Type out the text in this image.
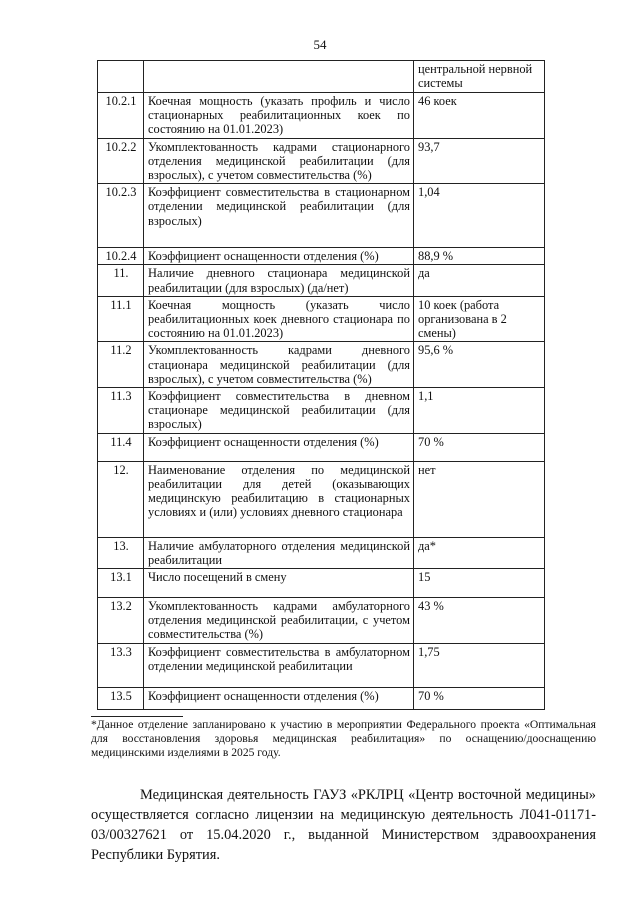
54
		центральной нервной системы
10.2.1	Коечная мощность (указать профиль и число стационарных реабилитационных коек по состоянию на 01.01.2023)	46 коек
10.2.2	Укомплектованность кадрами стационарного отделения медицинской реабилитации (для взрослых), с учетом совместительства (%)	93,7
10.2.3	Коэффициент совместительства в стационарном отделении медицинской реабилитации (для взрослых)	1,04
10.2.4	Коэффициент оснащенности отделения (%)	88,9 %
11.	Наличие дневного стационара медицинской реабилитации (для взрослых) (да/нет)	да
11.1	Коечная мощность (указать число реабилитационных коек дневного стационара по состоянию на 01.01.2023)	10 коек (работа организована в 2 смены)
11.2	Укомплектованность кадрами дневного стационара медицинской реабилитации (для взрослых), с учетом совместительства (%)	95,6 %
11.3	Коэффициент совместительства в дневном стационаре медицинской реабилитации (для взрослых)	1,1
11.4	Коэффициент оснащенности отделения (%)	70 %
12.	Наименование отделения по медицинской реабилитации для детей (оказывающих медицинскую реабилитацию в стационарных условиях и (или) условиях дневного стационара	нет
13.	Наличие амбулаторного отделения медицинской реабилитации	да*
13.1	Число посещений в смену	15
13.2	Укомплектованность кадрами амбулаторного отделения медицинской реабилитации, с учетом совместительства (%)	43 %
13.3	Коэффициент совместительства в амбулаторном отделении медицинской реабилитации	1,75
13.5	Коэффициент оснащенности отделения (%)	70 %
*Данное отделение запланировано к участию в мероприятии Федерального проекта «Оптимальная для восстановления здоровья медицинская реабилитация» по оснащению/дооснащению медицинскими изделиями в 2025 году.
Медицинская деятельность ГАУЗ «РКЛРЦ «Центр восточной медицины» осуществляется согласно лицензии на медицинскую деятельность Л041-01171-03/00327621 от 15.04.2020 г., выданной Министерством здравоохранения Республики Бурятия.
